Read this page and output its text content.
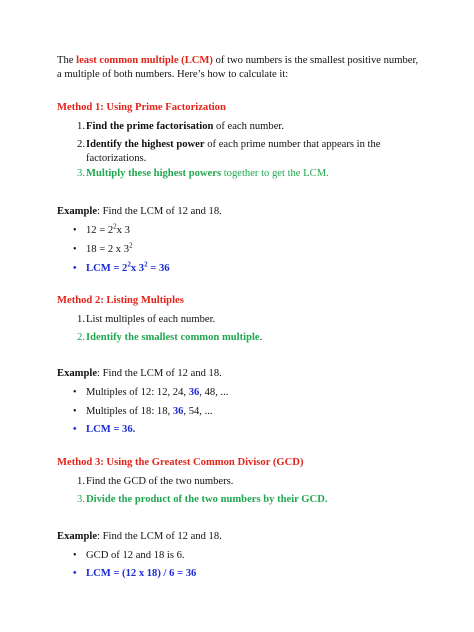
The least common multiple (LCM) of two numbers is the smallest positive number, a multiple of both numbers. Here’s how to calculate it:
Method 1: Using Prime Factorization
1. Find the prime factorisation of each number.
2. Identify the highest power of each prime number that appears in the factorizations.
3. Multiply these highest powers together to get the LCM.
Example: Find the LCM of 12 and 18.
• $12 = 2^2x$ 3
• 18 = 2 x $3^2$
• LCM = $2^2x$ $3^2 = 36$
Method 2: Listing Multiples
1. List multiples of each number.
2. Identify the smallest common multiple.
Example: Find the LCM of 12 and 18.
• Multiples of 12: 12, 24, 36, 48, ...
• Multiples of 18: 18, 36, 54, ...
• LCM = 36.
Method 3: Using the Greatest Common Divisor (GCD)
1. Find the GCD of the two numbers.
3. Divide the product of the two numbers by their GCD.
Example: Find the LCM of 12 and 18.
• GCD of 12 and 18 is 6.
• LCM = (12 x 18) / 6 = 36
